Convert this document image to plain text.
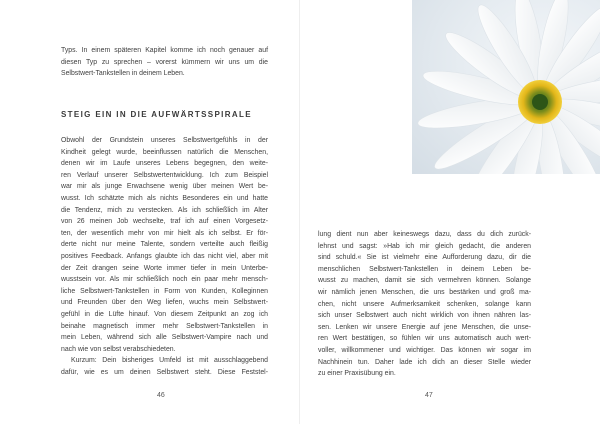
Typs. In einem späteren Kapitel komme ich noch genauer auf
diesen Typ zu sprechen – vorerst kümmern wir uns um die
Selbstwert-Tankstellen in deinem Leben.
STEIG EIN IN DIE AUFWÄRTSSPIRALE
Obwohl der Grundstein unseres Selbstwertgefühls in der
Kindheit gelegt wurde, beeinflussen natürlich die Menschen,
denen wir im Laufe unseres Lebens begegnen, den weite-
ren Verlauf unserer Selbstwertentwicklung. Ich zum Beispiel
war mir als junge Erwachsene wenig über meinen Wert be-
wusst. Ich schätzte mich als nichts Besonderes ein und hatte
die Tendenz, mich zu verstecken. Als ich schließlich im Alter
von 26 meinen Job wechselte, traf ich auf einen Vorgesetz-
ten, der wesentlich mehr von mir hielt als ich selbst. Er för-
derte nicht nur meine Talente, sondern verteilte auch fleißig
positives Feedback. Anfangs glaubte ich das nicht viel, aber mit
der Zeit drangen seine Worte immer tiefer in mein Unterbe-
wusstsein vor. Als mir schließlich noch ein paar mehr mensch-
liche Selbstwert-Tankstellen in Form von Kunden, Kolleginnen
und Freunden über den Weg liefen, wuchs mein Selbstwert-
gefühl in die Lüfte hinauf. Von diesem Zeitpunkt an zog ich
beinahe magnetisch immer mehr Selbstwert-Tankstellen in
mein Leben, während sich alle Selbstwert-Vampire nach und
nach wie von selbst verabschiedeten.
Kurzum: Dein bisheriges Umfeld ist mit ausschlaggebend
dafür, wie es um deinen Selbstwert steht. Diese Feststel-
46	47
lung dient nun aber keineswegs dazu, dass du dich zurück-
lehnst und sagst: »Hab ich mir gleich gedacht, die anderen
sind schuld.« Sie ist vielmehr eine Aufforderung dazu, dir die
menschlichen Selbstwert-Tankstellen in deinem Leben be-
wusst zu machen, damit sie sich vermehren können. Solange
wir nämlich jenen Menschen, die uns bestärken und groß ma-
chen, nicht unsere Aufmerksamkeit schenken, solange kann
sich unser Selbstwert auch nicht wirklich von ihnen nähren las-
sen. Lenken wir unsere Energie auf jene Menschen, die unse-
ren Wert bestätigen, so fühlen wir uns automatisch auch wert-
voller, willkommener und wichtiger. Das können wir sogar im
Nachhinein tun. Daher lade ich dich an dieser Stelle wieder
zu einer Praxisübung ein.
